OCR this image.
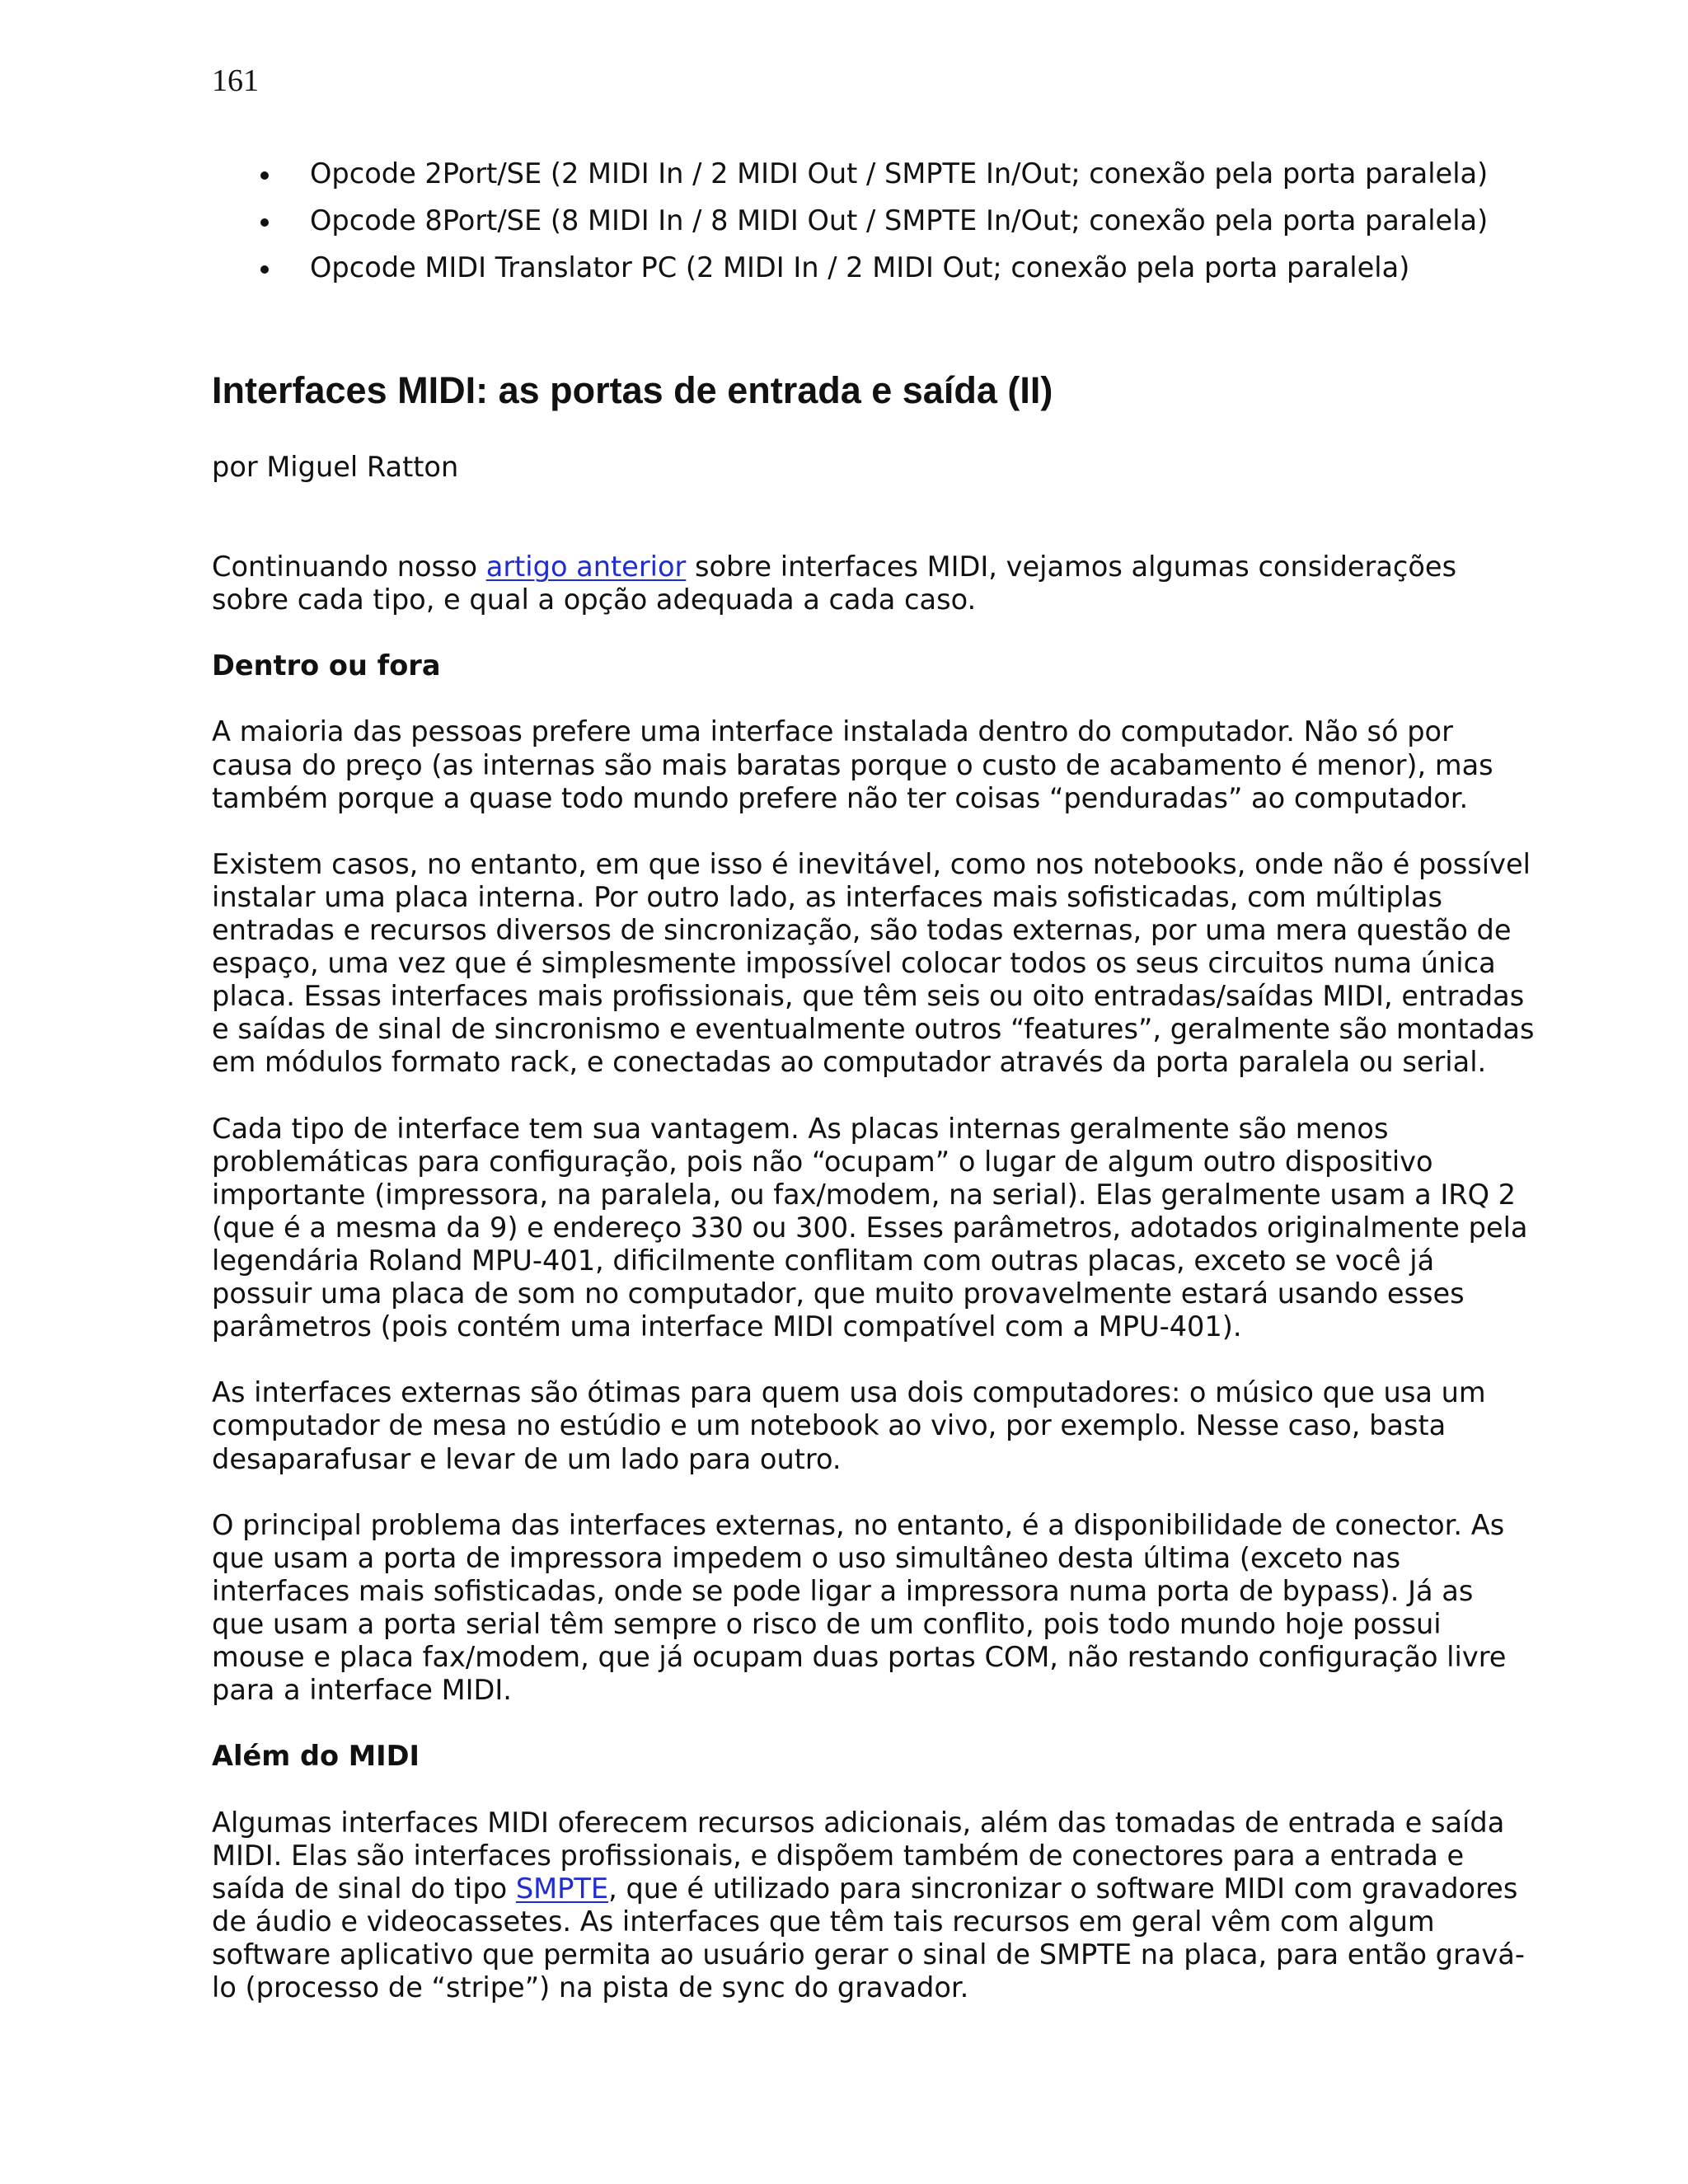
161
Opcode 2Port/SE (2 MIDI In / 2 MIDI Out / SMPTE In/Out; conexão pela porta paralela)
Opcode 8Port/SE (8 MIDI In / 8 MIDI Out / SMPTE In/Out; conexão pela porta paralela)
Opcode MIDI Translator PC (2 MIDI In / 2 MIDI Out; conexão pela porta paralela)
Interfaces MIDI: as portas de entrada e saída (II)

por Miguel Ratton

Continuando nosso artigo anterior sobre interfaces MIDI, vejamos algumas considerações
sobre cada tipo, e qual a opção adequada a cada caso.
Dentro ou fora
A maioria das pessoas prefere uma interface instalada dentro do computador. Não só por
causa do preço (as internas são mais baratas porque o custo de acabamento é menor), mas
também porque a quase todo mundo prefere não ter coisas “penduradas” ao computador.
Existem casos, no entanto, em que isso é inevitável, como nos notebooks, onde não é possível
instalar uma placa interna. Por outro lado, as interfaces mais sofisticadas, com múltiplas
entradas e recursos diversos de sincronização, são todas externas, por uma mera questão de
espaço, uma vez que é simplesmente impossível colocar todos os seus circuitos numa única
placa. Essas interfaces mais profissionais, que têm seis ou oito entradas/saídas MIDI, entradas
e saídas de sinal de sincronismo e eventualmente outros “features”, geralmente são montadas
em módulos formato rack, e conectadas ao computador através da porta paralela ou serial.
Cada tipo de interface tem sua vantagem. As placas internas geralmente são menos
problemáticas para configuração, pois não “ocupam” o lugar de algum outro dispositivo
importante (impressora, na paralela, ou fax/modem, na serial). Elas geralmente usam a IRQ 2
(que é a mesma da 9) e endereço 330 ou 300. Esses parâmetros, adotados originalmente pela
legendária Roland MPU-401, dificilmente conflitam com outras placas, exceto se você já
possuir uma placa de som no computador, que muito provavelmente estará usando esses
parâmetros (pois contém uma interface MIDI compatível com a MPU-401).
As interfaces externas são ótimas para quem usa dois computadores: o músico que usa um
computador de mesa no estúdio e um notebook ao vivo, por exemplo. Nesse caso, basta
desaparafusar e levar de um lado para outro.
O principal problema das interfaces externas, no entanto, é a disponibilidade de conector. As
que usam a porta de impressora impedem o uso simultâneo desta última (exceto nas
interfaces mais sofisticadas, onde se pode ligar a impressora numa porta de bypass). Já as
que usam a porta serial têm sempre o risco de um conflito, pois todo mundo hoje possui
mouse e placa fax/modem, que já ocupam duas portas COM, não restando configuração livre
para a interface MIDI.
Além do MIDI
Algumas interfaces MIDI oferecem recursos adicionais, além das tomadas de entrada e saída
MIDI. Elas são interfaces profissionais, e dispõem também de conectores para a entrada e
saída de sinal do tipo SMPTE, que é utilizado para sincronizar o software MIDI com gravadores
de áudio e videocassetes. As interfaces que têm tais recursos em geral vêm com algum
software aplicativo que permita ao usuário gerar o sinal de SMPTE na placa, para então gravá-
lo (processo de “stripe”) na pista de sync do gravador.
